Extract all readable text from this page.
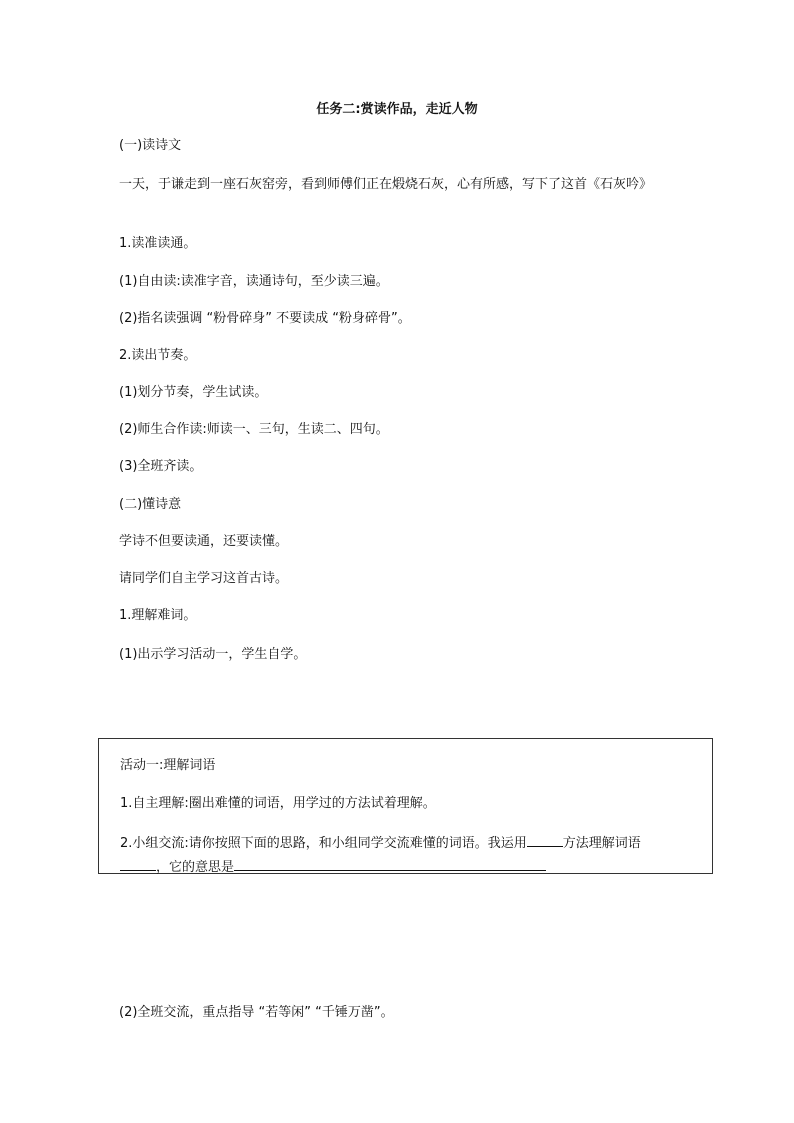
任务二:赏读作品，走近人物
(一)读诗文
一天，于谦走到一座石灰窑旁，看到师傅们正在煅烧石灰，心有所感，写下了这首《石灰吟》
1.读准读通。
(1)自由读:读准字音，读通诗句，至少读三遍。
(2)指名读强调 “粉骨碎身” 不要读成 “粉身碎骨”。
2.读出节奏。
(1)划分节奏，学生试读。
(2)师生合作读:师读一、三句，生读二、四句。
(3)全班齐读。
(二)懂诗意
学诗不但要读通，还要读懂。
请同学们自主学习这首古诗。
1.理解难词。
(1)出示学习活动一，学生自学。
活动一:理解词语
1.自主理解:圈出难懂的词语，用学过的方法试着理解。
2.小组交流:请你按照下面的思路，和小组同学交流难懂的词语。我运用	方法理解词语
，它的意思是
(2)全班交流，重点指导 “若等闲” “千锤万凿”。
